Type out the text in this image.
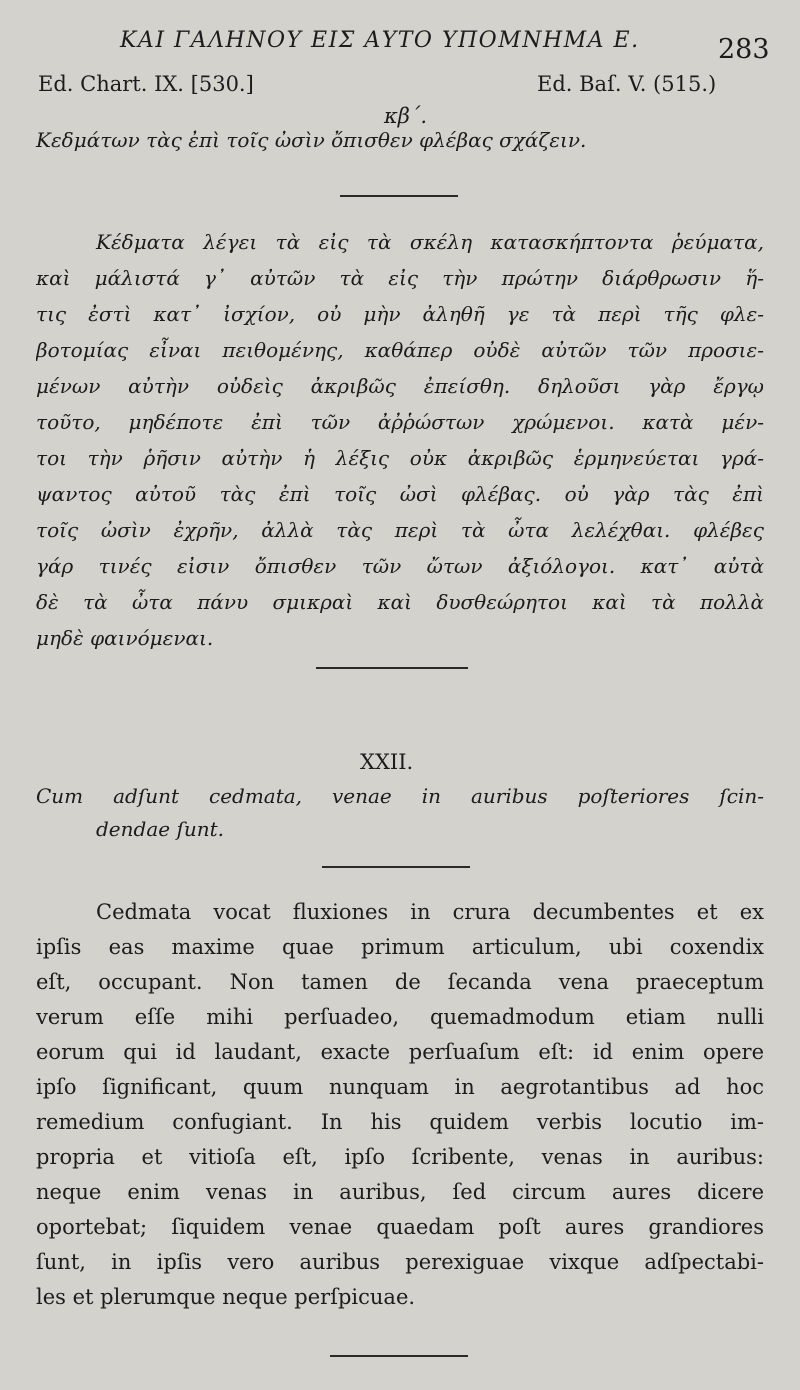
ΚΑΙ ΓΑΛΗΝΟΥ ΕΙΣ ΑΥΤΟ ΥΠΟΜΝΗΜΑ Ε.	283
Ed. Chart. IX. [530.]	Ed. Baſ. V. (515.)
κβ΄.
Κεδμάτων τὰς ἐπὶ τοῖς ὠσὶν ὄπισθεν φλέβας σχάζειν.
Κέδματα λέγει τὰ εἰς τὰ σκέλη κατασκήπτοντα ῥεύματα,
καὶ μάλιστά γ᾽ αὐτῶν τὰ εἰς τὴν πρώτην διάρθρωσιν ἥ-
τις ἐστὶ κατ᾽ ἰσχίον, οὐ μὴν ἀληθῆ γε τὰ περὶ τῆς φλε-
βοτομίας εἶναι πειθομένης, καθάπερ οὐδὲ αὐτῶν τῶν προσιε-
μένων αὐτὴν οὐδεὶς ἀκριβῶς ἐπείσθη. δηλοῦσι γὰρ ἔργῳ
τοῦτο, μηδέποτε ἐπὶ τῶν ἀῤῥώστων χρώμενοι. κατὰ μέν-
τοι τὴν ῥῆσιν αὐτὴν ἡ λέξις οὐκ ἀκριβῶς ἑρμηνεύεται γρά-
ψαντος αὐτοῦ τὰς ἐπὶ τοῖς ὠσὶ φλέβας. οὐ γὰρ τὰς ἐπὶ
τοῖς ὠσὶν ἐχρῆν, ἀλλὰ τὰς περὶ τὰ ὦτα λελέχθαι. φλέβες
γάρ τινές εἰσιν ὄπισθεν τῶν ὤτων ἀξιόλογοι. κατ᾽ αὐτὰ
δὲ τὰ ὦτα πάνυ σμικραὶ καὶ δυσθεώρητοι καὶ τὰ πολλὰ
μηδὲ φαινόμεναι.
XXII.
Cum adſunt cedmata, venae in auribus poſteriores ſcin-
dendae ſunt.
Cedmata vocat fluxiones in crura decumbentes et ex
ipſis eas maxime quae primum articulum, ubi coxendix
eſt, occupant. Non tamen de ſecanda vena praeceptum
verum eſſe mihi perſuadeo, quemadmodum etiam nulli
eorum qui id laudant, exacte perſuaſum eſt: id enim opere
ipſo ſignificant, quum nunquam in aegrotantibus ad hoc
remedium confugiant. In his quidem verbis locutio im-
propria et vitioſa eſt, ipſo ſcribente, venas in auribus:
neque enim venas in auribus, ſed circum aures dicere
oportebat; ſiquidem venae quaedam poſt aures grandiores
ſunt, in ipſis vero auribus perexiguae vixque adſpectabi-
les et plerumque neque perſpicuae.
